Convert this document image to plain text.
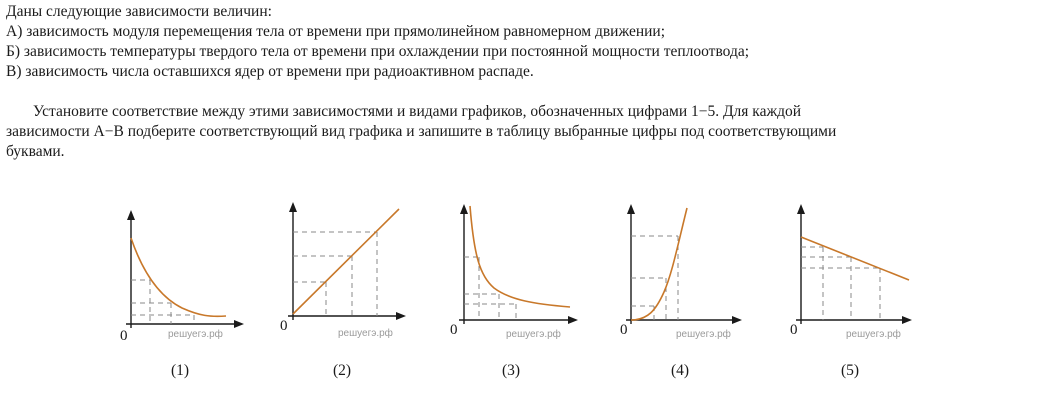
Даны следующие зависимости величин:
А) зависимость модуля перемещения тела от времени при прямолинейном равномерном движении;
Б) зависимость температуры твердого тела от времени при охлаждении при постоянной мощности теплоотвода;
В) зависимость числа оставшихся ядер от времени при радиоактивном распаде.
Установите соответствие между этими зависимостями и видами графиков, обозначенных цифрами 1−5. Для каждой
зависимости А−В подберите соответствующий вид графика и запишите в таблицу выбранные цифры под соответствующими
буквами.
0	решуегэ.рф
(1)
0	решуегэ.рф
(2)
0	решуегэ.рф
(3)
0	решуегэ.рф
(4)
0	решуегэ.рф
(5)
